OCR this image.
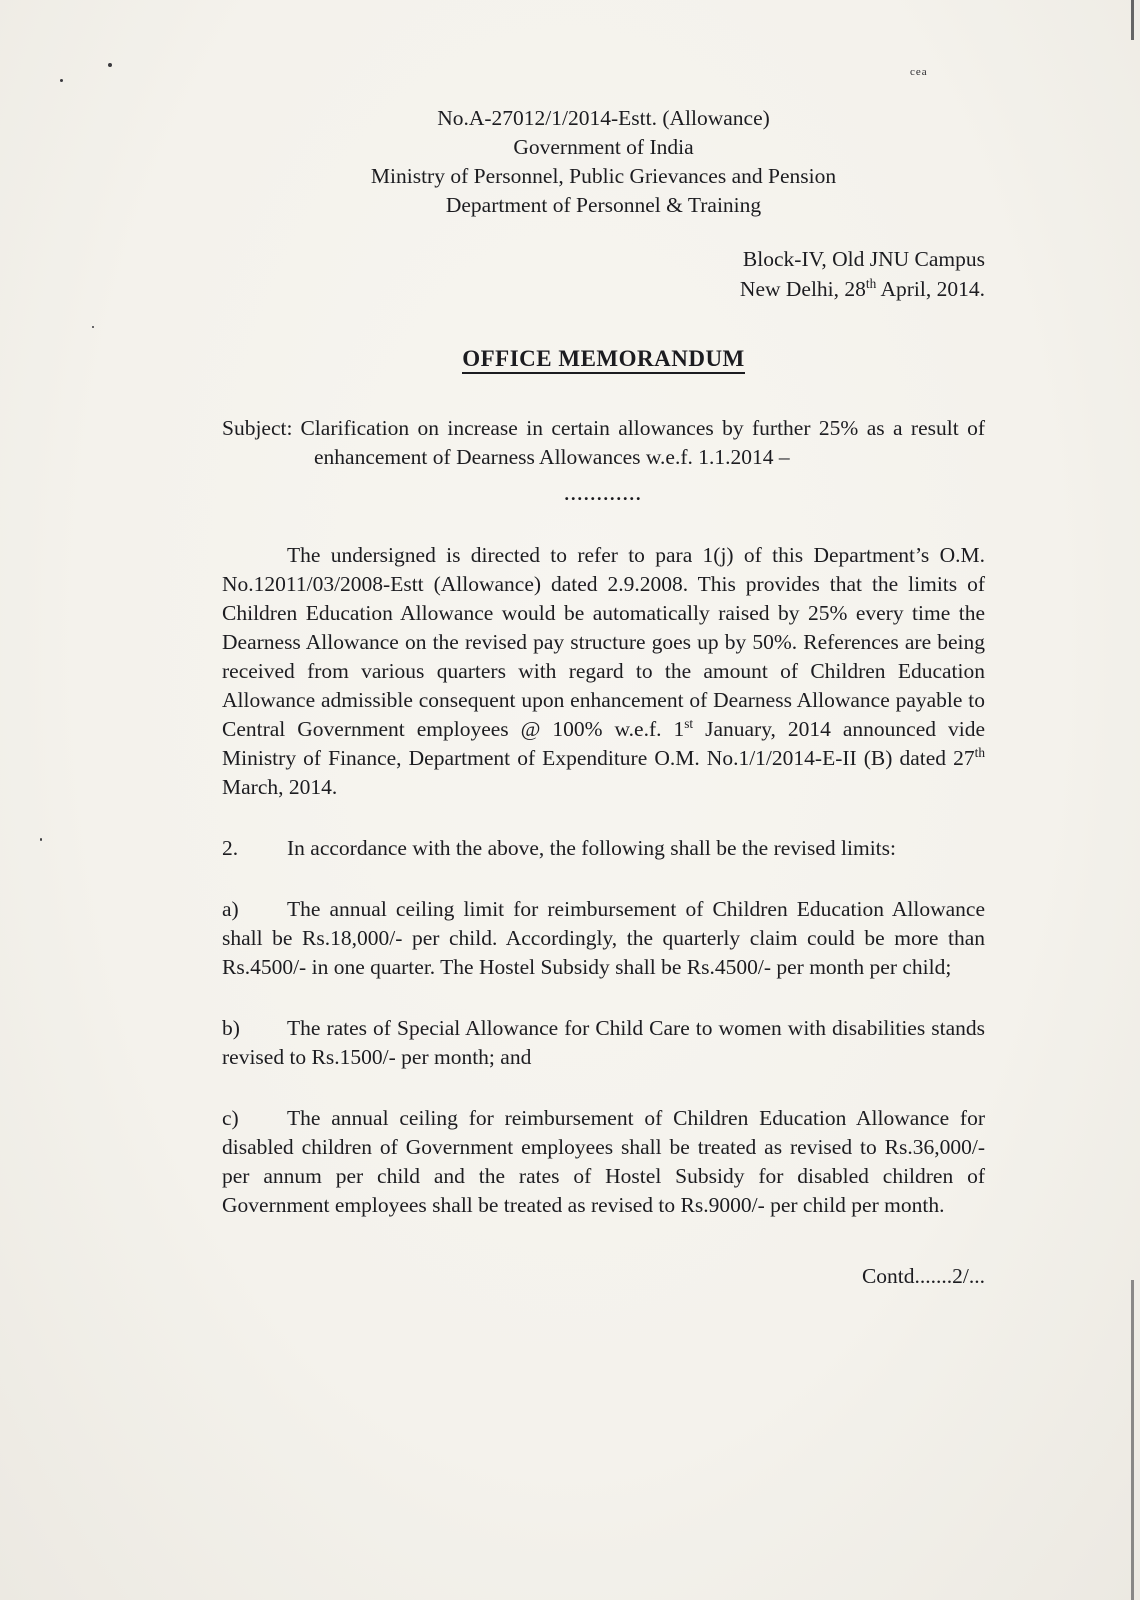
cea
No.A-27012/1/2014-Estt. (Allowance)
Government of India
Ministry of Personnel, Public Grievances and Pension
Department of Personnel & Training
Block-IV, Old JNU Campus
New Delhi, 28th April, 2014.
OFFICE MEMORANDUM
Subject: Clarification on increase in certain allowances by further 25% as a result of enhancement of Dearness Allowances w.e.f. 1.1.2014 –
............
The undersigned is directed to refer to para 1(j) of this Department’s O.M. No.12011/03/2008-Estt (Allowance) dated 2.9.2008. This provides that the limits of Children Education Allowance would be automatically raised by 25% every time the Dearness Allowance on the revised pay structure goes up by 50%. References are being received from various quarters with regard to the amount of Children Education Allowance admissible consequent upon enhancement of Dearness Allowance payable to Central Government employees @ 100% w.e.f. 1st January, 2014 announced vide Ministry of Finance, Department of Expenditure O.M. No.1/1/2014-E-II (B) dated 27th March, 2014.
2. In accordance with the above, the following shall be the revised limits:
a) The annual ceiling limit for reimbursement of Children Education Allowance shall be Rs.18,000/- per child. Accordingly, the quarterly claim could be more than Rs.4500/- in one quarter. The Hostel Subsidy shall be Rs.4500/- per month per child;
b) The rates of Special Allowance for Child Care to women with disabilities stands revised to Rs.1500/- per month; and
c) The annual ceiling for reimbursement of Children Education Allowance for disabled children of Government employees shall be treated as revised to Rs.36,000/- per annum per child and the rates of Hostel Subsidy for disabled children of Government employees shall be treated as revised to Rs.9000/- per child per month.
Contd.......2/...
